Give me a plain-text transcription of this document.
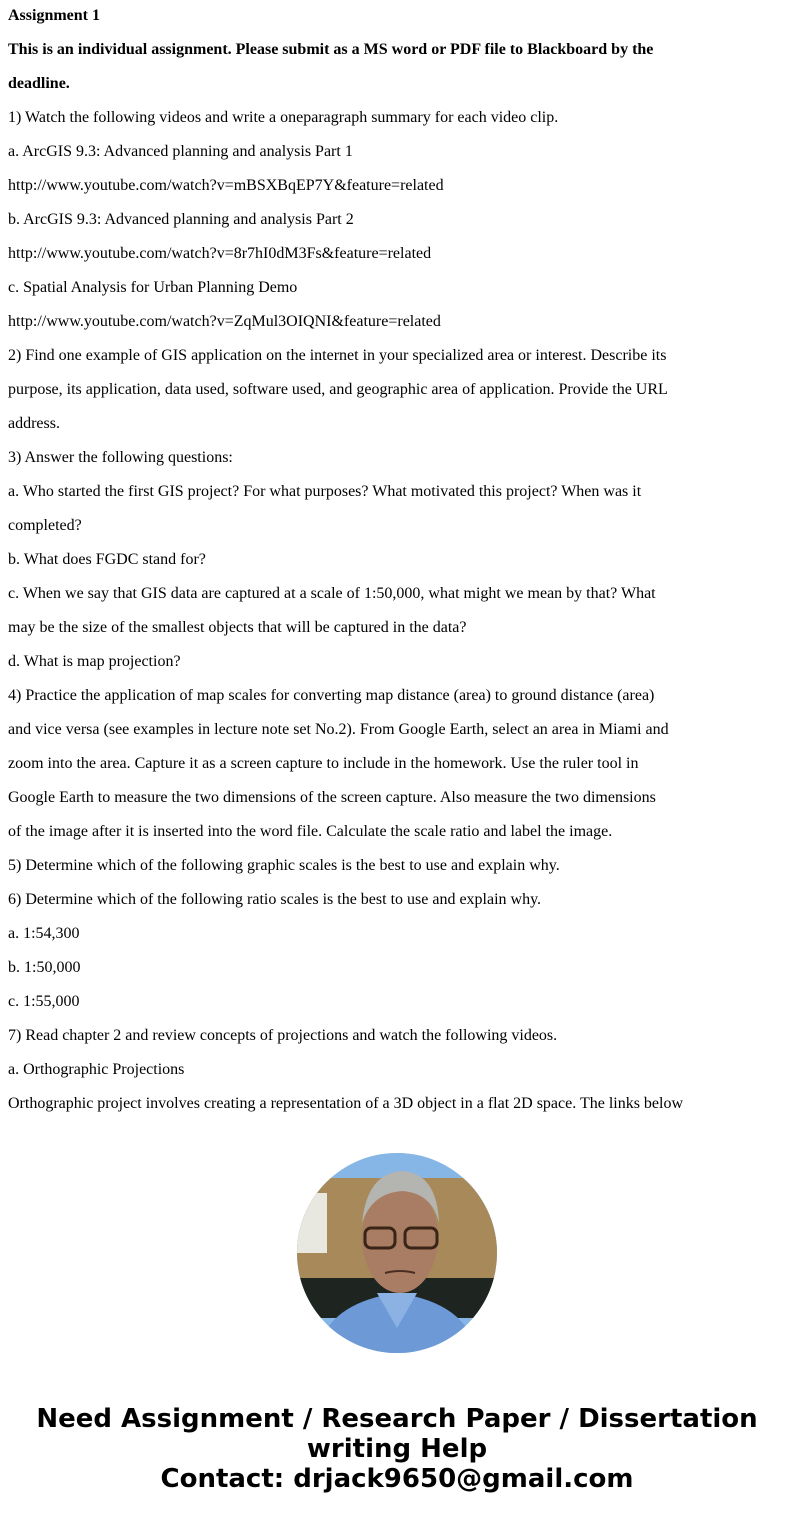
Assignment 1
This is an individual assignment. Please submit as a MS word or PDF file to Blackboard by the
deadline.
1) Watch the following videos and write a oneparagraph summary for each video clip.
a. ArcGIS 9.3: Advanced planning and analysis Part 1
http://www.youtube.com/watch?v=mBSXBqEP7Y&feature=related
b. ArcGIS 9.3: Advanced planning and analysis Part 2
http://www.youtube.com/watch?v=8r7hI0dM3Fs&feature=related
c. Spatial Analysis for Urban Planning Demo
http://www.youtube.com/watch?v=ZqMul3OIQNI&feature=related
2) Find one example of GIS application on the internet in your specialized area or interest. Describe its
purpose, its application, data used, software used, and geographic area of application. Provide the URL
address.
3) Answer the following questions:
a. Who started the first GIS project? For what purposes? What motivated this project? When was it
completed?
b. What does FGDC stand for?
c. When we say that GIS data are captured at a scale of 1:50,000, what might we mean by that? What
may be the size of the smallest objects that will be captured in the data?
d. What is map projection?
4) Practice the application of map scales for converting map distance (area) to ground distance (area)
and vice versa (see examples in lecture note set No.2). From Google Earth, select an area in Miami and
zoom into the area. Capture it as a screen capture to include in the homework. Use the ruler tool in
Google Earth to measure the two dimensions of the screen capture. Also measure the two dimensions
of the image after it is inserted into the word file. Calculate the scale ratio and label the image.
5) Determine which of the following graphic scales is the best to use and explain why.
6) Determine which of the following ratio scales is the best to use and explain why.
a. 1:54,300
b. 1:50,000
c. 1:55,000
7) Read chapter 2 and review concepts of projections and watch the following videos.
a. Orthographic Projections
Orthographic project involves creating a representation of a 3D object in a flat 2D space. The links below
Need Assignment / Research Paper / Dissertation
writing Help
Contact: drjack9650@gmail.com
